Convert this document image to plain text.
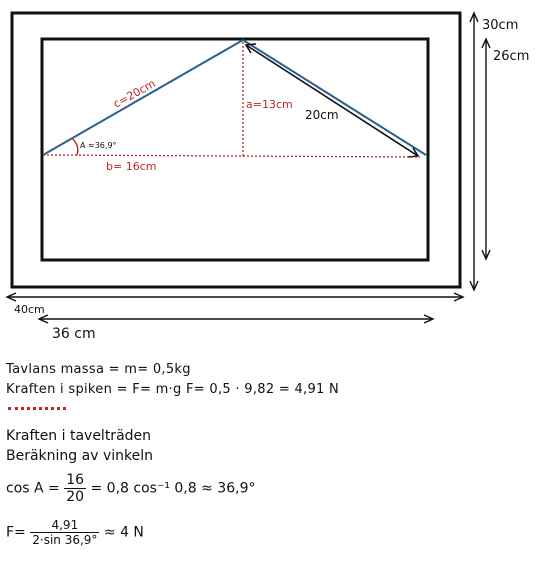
c=20cm	a=13cm
20cm
b= 16cm
A ≈36,9°
30cm
26cm
40cm
36 cm
Tavlans massa = m= 0,5kg
Kraften i spiken = F= m·g F= 0,5 · 9,82 = 4,91 N
Kraften i tavelträden
Beräkning av vinkeln
$\cos A = \frac{16}{20} = 0,8$ cos⁻¹ 0,8 ≈ 36,9°
$F= \frac{4,91}{2\cdot\sin 36,9^\circ} \approx 4$ N
